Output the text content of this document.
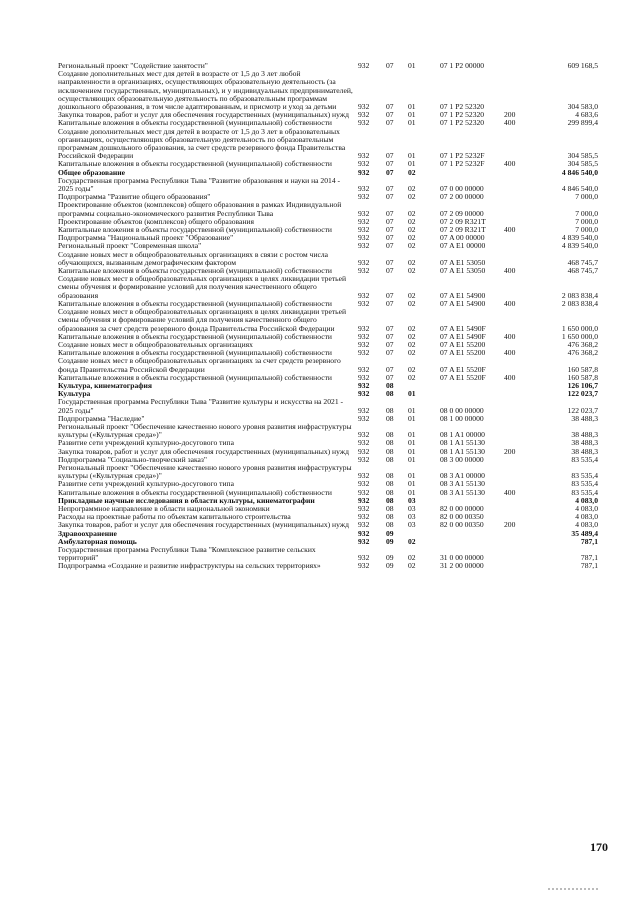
Региональный проект "Содействие занятости"	932	07	01	07 1 P2 00000		609 168,5
Создание дополнительных мест для детей в возрасте от 1,5 до 3 лет любой направленности в организациях, осуществляющих образовательную деятельность (за исключением государственных, муниципальных), и у индивидуальных предпринимателей, осуществляющих образовательную деятельность по образовательным программам дошкольного образования, в том числе адаптированным, и присмотр и уход за детьми	932	07	01	07 1 P2 52320		304 583,0
Закупка товаров, работ и услуг для обеспечения государственных (муниципальных) нужд	932	07	01	07 1 P2 52320	200	4 683,6
Капитальные вложения в объекты государственной (муниципальной) собственности	932	07	01	07 1 P2 52320	400	299 899,4
Создание дополнительных мест для детей в возрасте от 1,5 до 3 лет в образовательных организациях, осуществляющих образовательную деятельность по образовательным программам дошкольного образования, за счет средств резервного фонда Правительства Российской Федерации	932	07	01	07 1 P2 5232F		304 585,5
Капитальные вложения в объекты государственной (муниципальной) собственности	932	07	01	07 1 P2 5232F	400	304 585,5
Общее образование	932	07	02			4 846 540,0
Государственная программа Республики Тыва "Развитие образования и науки на 2014 - 2025 годы"	932	07	02	07 0 00 00000		4 846 540,0
Подпрограмма "Развитие общего образования"	932	07	02	07 2 00 00000		7 000,0
Проектирование объектов (комплексов) общего образования в рамках Индивидуальной программы социально-экономического развития Республики Тыва	932	07	02	07 2 09 00000		7 000,0
Проектирование объектов (комплексов) общего образования	932	07	02	07 2 09 R321T		7 000,0
Капитальные вложения в объекты государственной (муниципальной) собственности	932	07	02	07 2 09 R321T	400	7 000,0
Подпрограмма "Национальный проект "Образование"	932	07	02	07 A 00 00000		4 839 540,0
Региональный проект "Современная школа"	932	07	02	07 A E1 00000		4 839 540,0
Создание новых мест в общеобразовательных организациях в связи с ростом числа обучающихся, вызванным демографическим фактором	932	07	02	07 A E1 53050		468 745,7
Капитальные вложения в объекты государственной (муниципальной) собственности	932	07	02	07 A E1 53050	400	468 745,7
Создание новых мест в общеобразовательных организациях в целях ликвидации третьей смены обучения и формирование условий для получения качественного общего образования	932	07	02	07 A E1 54900		2 083 838,4
Капитальные вложения в объекты государственной (муниципальной) собственности	932	07	02	07 A E1 54900	400	2 083 838,4
Создание новых мест в общеобразовательных организациях в целях ликвидации третьей смены обучения и формирование условий для получения качественного общего образования за счет средств резервного фонда Правительства Российской Федерации	932	07	02	07 A E1 5490F		1 650 000,0
Капитальные вложения в объекты государственной (муниципальной) собственности	932	07	02	07 A E1 5490F	400	1 650 000,0
Создание новых мест в общеобразовательных организациях	932	07	02	07 A E1 55200		476 368,2
Капитальные вложения в объекты государственной (муниципальной) собственности	932	07	02	07 A E1 55200	400	476 368,2
Создание новых мест в общеобразовательных организациях за счет средств резервного фонда Правительства Российской Федерации	932	07	02	07 A E1 5520F		160 587,8
Капитальные вложения в объекты государственной (муниципальной) собственности	932	07	02	07 A E1 5520F	400	160 587,8
Культура, кинематография	932	08				126 106,7
Культура	932	08	01			122 023,7
Государственная программа Республики Тыва "Развитие культуры и искусства на 2021 - 2025 годы"	932	08	01	08 0 00 00000		122 023,7
Подпрограмма "Наследие"	932	08	01	08 1 00 00000		38 488,3
Региональный проект "Обеспечение качественно нового уровня развития инфраструктуры культуры («Культурная среда»)"	932	08	01	08 1 A1 00000		38 488,3
Развитие сети учреждений культурно-досугового типа	932	08	01	08 1 A1 55130		38 488,3
Закупка товаров, работ и услуг для обеспечения государственных (муниципальных) нужд	932	08	01	08 1 A1 55130	200	38 488,3
Подпрограмма "Социально-творческий заказ"	932	08	01	08 3 00 00000		83 535,4
Региональный проект "Обеспечение качественно нового уровня развития инфраструктуры культуры («Культурная среда»)"	932	08	01	08 3 A1 00000		83 535,4
Развитие сети учреждений культурно-досугового типа	932	08	01	08 3 A1 55130		83 535,4
Капитальные вложения в объекты государственной (муниципальной) собственности	932	08	01	08 3 A1 55130	400	83 535,4
Прикладные научные исследования в области культуры, кинематографии	932	08	03			4 083,0
Непрограммное направление в области национальной экономики	932	08	03	82 0 00 00000		4 083,0
Расходы на проектные работы по объектам капитального строительства	932	08	03	82 0 00 00350		4 083,0
Закупка товаров, работ и услуг для обеспечения государственных (муниципальных) нужд	932	08	03	82 0 00 00350	200	4 083,0
Здравоохранение	932	09				35 489,4
Амбулаторная помощь	932	09	02			787,1
Государственная программа Республики Тыва "Комплексное развитие сельских территорий"	932	09	02	31 0 00 00000		787,1
Подпрограмма «Создание и развитие инфраструктуры на сельских территориях»	932	09	02	31 2 00 00000		787,1
170
